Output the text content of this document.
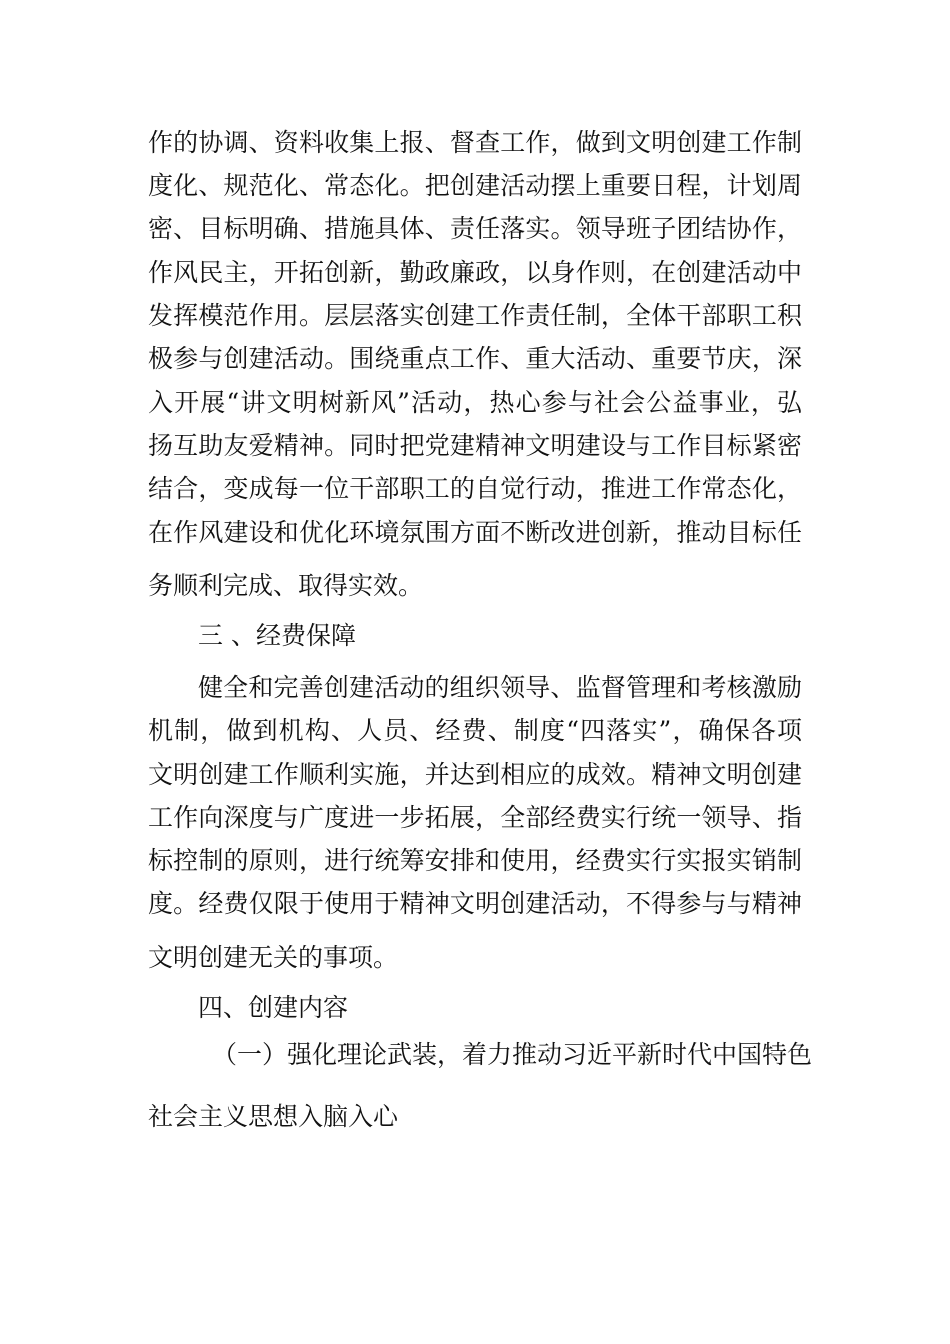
作的协调、资料收集上报、督查工作，做到文明创建工作制
度化、规范化、常态化。把创建活动摆上重要日程，计划周
密、目标明确、措施具体、责任落实。领导班子团结协作，
作风民主，开拓创新，勤政廉政，以身作则，在创建活动中
发挥模范作用。层层落实创建工作责任制，全体干部职工积
极参与创建活动。围绕重点工作、重大活动、重要节庆，深
入开展“讲文明树新风”活动，热心参与社会公益事业，弘
扬互助友爱精神。同时把党建精神文明建设与工作目标紧密
结合，变成每一位干部职工的自觉行动，推进工作常态化，
在作风建设和优化环境氛围方面不断改进创新，推动目标任
务顺利完成、取得实效。
三 、经费保障
健全和完善创建活动的组织领导、监督管理和考核激励
机制，做到机构、人员、经费、制度“四落实”，确保各项
文明创建工作顺利实施，并达到相应的成效。精神文明创建
工作向深度与广度进一步拓展，全部经费实行统一领导、指
标控制的原则，进行统筹安排和使用，经费实行实报实销制
度。经费仅限于使用于精神文明创建活动，不得参与与精神
文明创建无关的事项。
四、创建内容
（一）强化理论武装，着力推动习近平新时代中国特色
社会主义思想入脑入心
